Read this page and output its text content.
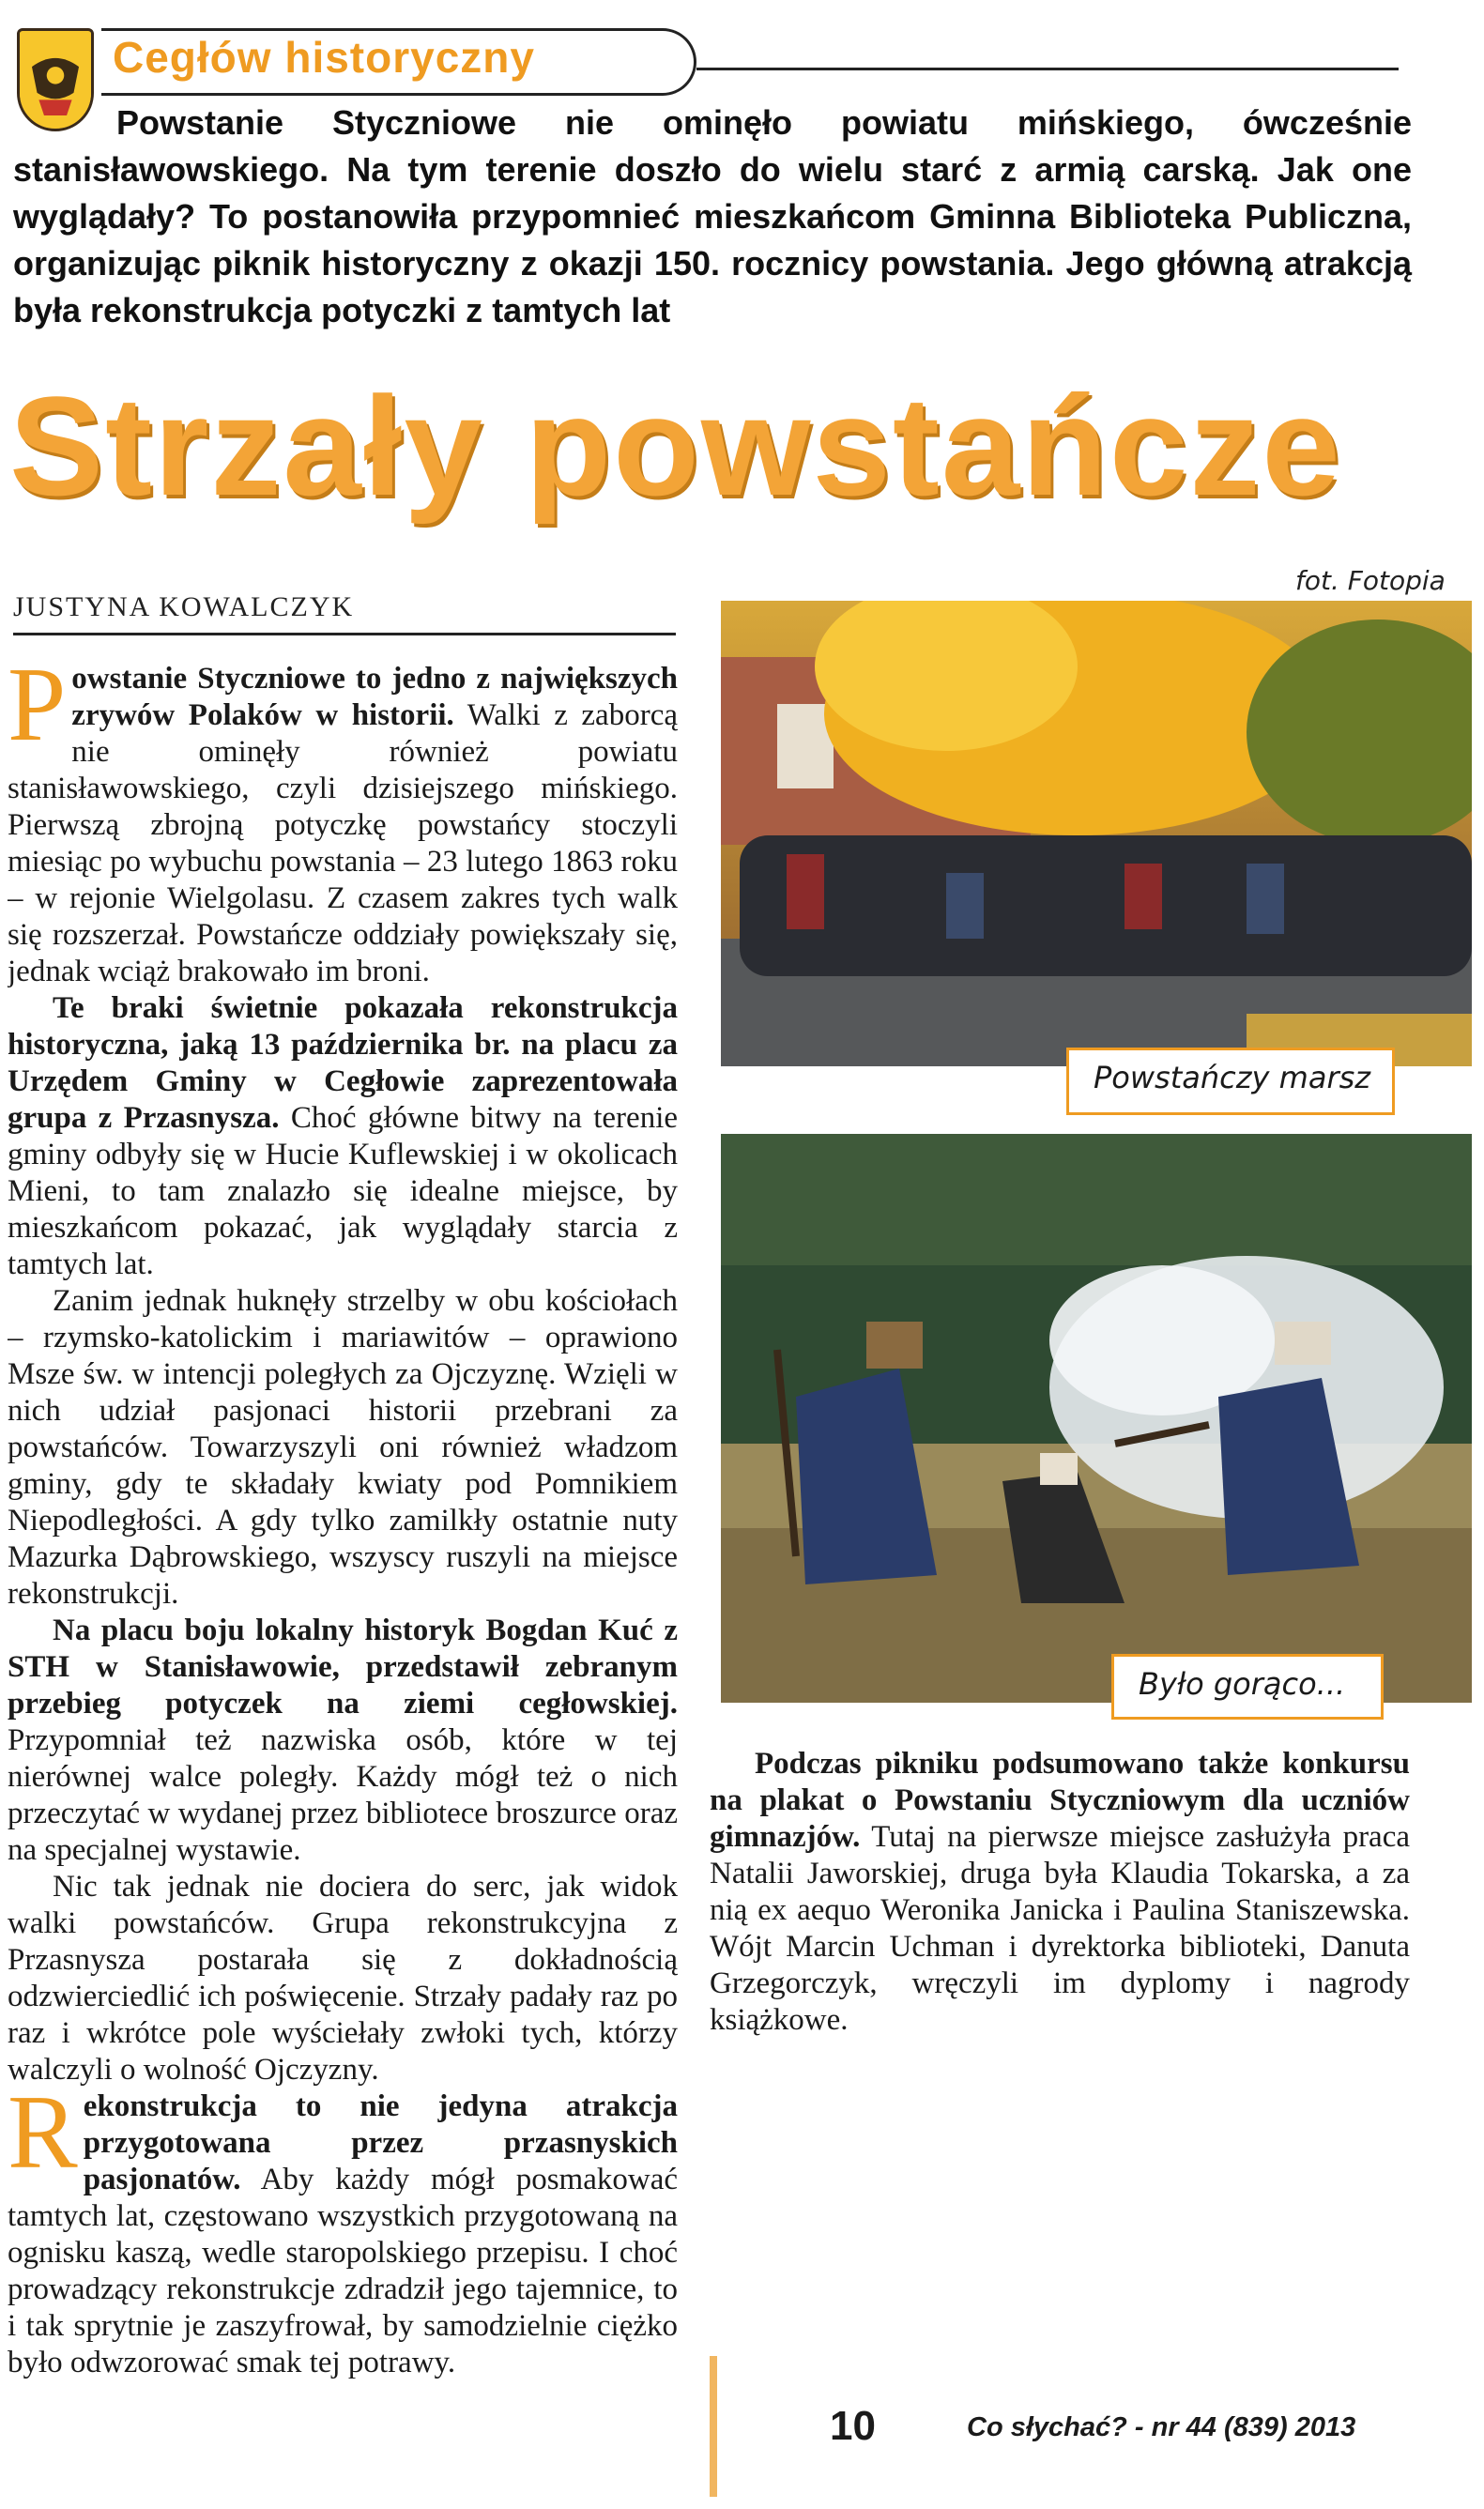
Cegłów historyczny
Powstanie Styczniowe nie ominęło powiatu mińskiego, ówcześnie stanisławowskiego. Na tym terenie doszło do wielu starć z armią carską. Jak one wyglądały? To postanowiła przypomnieć mieszkańcom Gminna Biblioteka Publiczna, organizując piknik historyczny z okazji 150. rocznicy powstania. Jego główną atrakcją była rekonstrukcja potyczki z tamtych lat
Strzały powstańcze
JUSTYNA KOWALCZYK
fot. Fotopia

Powstanie Styczniowe to jedno z największych zrywów Polaków w historii. Walki z zaborcą nie ominęły również powiatu stanisławowskiego, czyli dzisiejszego mińskiego. Pierwszą zbrojną potyczkę powstańcy stoczyli miesiąc po wybuchu powstania – 23 lutego 1863 roku – w rejonie Wielgolasu. Z czasem zakres tych walk się rozszerzał. Powstańcze oddziały powiększały się, jednak wciąż brakowało im broni.

Te braki świetnie pokazała rekonstrukcja historyczna, jaką 13 października br. na placu za Urzędem Gminy w Cegłowie zaprezentowała grupa z Przasnysza. Choć główne bitwy na terenie gminy odbyły się w Hucie Kuflewskiej i w okolicach Mieni, to tam znalazło się idealne miejsce, by mieszkańcom pokazać, jak wyglądały starcia z tamtych lat.

Zanim jednak huknęły strzelby w obu kościołach – rzymsko-katolickim i mariawitów – oprawiono Msze św. w intencji poległych za Ojczyznę. Wzięli w nich udział pasjonaci historii przebrani za powstańców. Towarzyszyli oni również władzom gminy, gdy te składały kwiaty pod Pomnikiem Niepodległości. A gdy tylko zamilkły ostatnie nuty Mazurka Dąbrowskiego, wszyscy ruszyli na miejsce rekonstrukcji.

Na placu boju lokalny historyk Bogdan Kuć z STH w Stanisławowie, przedstawił zebranym przebieg potyczek na ziemi cegłowskiej. Przypomniał też nazwiska osób, które w tej nierównej walce poległy. Każdy mógł też o nich przeczytać w wydanej przez bibliotece broszurce oraz na specjalnej wystawie.

Nic tak jednak nie dociera do serc, jak widok walki powstańców. Grupa rekonstrukcyjna z Przasnysza postarała się z dokładnością odzwierciedlić ich poświęcenie. Strzały padały raz po raz i wkrótce pole wyściełały zwłoki tych, którzy walczyli o wolność Ojczyzny.

Rekonstrukcja to nie jedyna atrakcja przygotowana przez przasnyskich pasjonatów. Aby każdy mógł posmakować tamtych lat, częstowano wszystkich przygotowaną na ognisku kaszą, wedle staropolskiego przepisu. I choć prowadzący rekonstrukcje zdradził jego tajemnice, to i tak sprytnie je zaszyfrował, by samodzielnie ciężko było odwzorować smak tej potrawy.

Powstańczy marsz
Było gorąco...

Podczas pikniku podsumowano także konkursu na plakat o Powstaniu Styczniowym dla uczniów gimnazjów. Tutaj na pierwsze miejsce zasłużyła praca Natalii Jaworskiej, druga była Klaudia Tokarska, a za nią ex aequo Weronika Janicka i Paulina Staniszewska. Wójt Marcin Uchman i dyrektorka biblioteki, Danuta Grzegorczyk, wręczyli im dyplomy i nagrody książkowe.

10	Co słychać? - nr 44 (839) 2013
